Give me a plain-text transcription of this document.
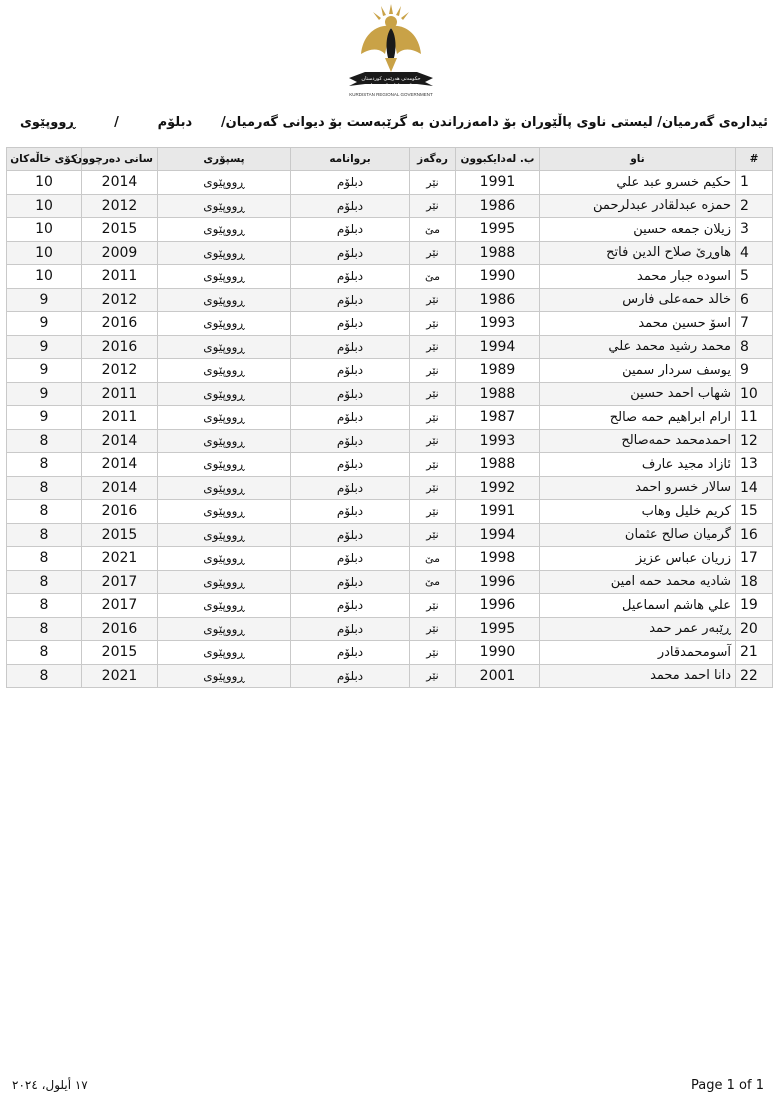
حكومەتی هەرێمی کوردستان
حكومة إقليم كوردستان
KURDISTAN REGIONAL GOVERNMENT
ئیدارەی گەرمیان/ لیستی ناوی پاڵێوران بۆ دامەزراندن بە گرێبەست بۆ دیوانی گەرمیان/
دبلۆم
/
ڕووپێوی
#	ناو	ب. لەدایکبوون	رەگەز	بروانامە	پسپۆری	سانی دەرچوون	کۆی خاڵەکان
1	حكيم خسرو عبد علي	1991	نێر	دبلۆم	ڕووپێوی	2014	10
2	حمزه عبدلقادر عبدلرحمن	1986	نێر	دبلۆم	ڕووپێوی	2012	10
3	زيلان جمعه حسين	1995	مێ	دبلۆم	ڕووپێوی	2015	10
4	هاوڕێ صلاح الدين فاتح	1988	نێر	دبلۆم	ڕووپێوی	2009	10
5	اسوده جبار محمد	1990	مێ	دبلۆم	ڕووپێوی	2011	10
6	خالد حمەعلی فارس	1986	نێر	دبلۆم	ڕووپێوی	2012	9
7	اسۆ حسين محمد	1993	نێر	دبلۆم	ڕووپێوی	2016	9
8	محمد رشيد محمد علي	1994	نێر	دبلۆم	ڕووپێوی	2016	9
9	يوسف سردار سمين	1989	نێر	دبلۆم	ڕووپێوی	2012	9
10	شهاب احمد حسين	1988	نێر	دبلۆم	ڕووپێوی	2011	9
11	ارام ابراهيم حمه صالح	1987	نێر	دبلۆم	ڕووپێوی	2011	9
12	احمدمحمد حمەصالح	1993	نێر	دبلۆم	ڕووپێوی	2014	8
13	ئازاد مجيد عارف	1988	نێر	دبلۆم	ڕووپێوی	2014	8
14	سالار خسرو احمد	1992	نێر	دبلۆم	ڕووپێوی	2014	8
15	كريم خليل وهاب	1991	نێر	دبلۆم	ڕووپێوی	2016	8
16	گرميان صالح عثمان	1994	نێر	دبلۆم	ڕووپێوی	2015	8
17	زريان عباس عزيز	1998	مێ	دبلۆم	ڕووپێوی	2021	8
18	شاديه محمد حمه امين	1996	مێ	دبلۆم	ڕووپێوی	2017	8
19	علي هاشم اسماعيل	1996	نێر	دبلۆم	ڕووپێوی	2017	8
20	ڕێبەر عمر حمد	1995	نێر	دبلۆم	ڕووپێوی	2016	8
21	آسومحمدقادر	1990	نێر	دبلۆم	ڕووپێوی	2015	8
22	دانا احمد محمد	2001	نێر	دبلۆم	ڕووپێوی	2021	8
١٧ أيلول، ٢٠٢٤	Page 1 of 1
